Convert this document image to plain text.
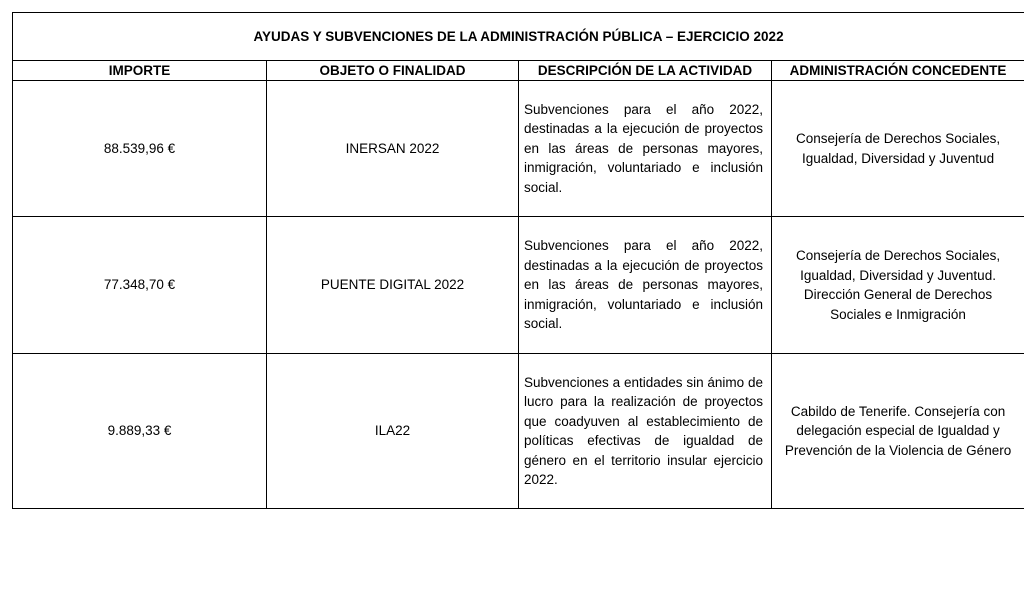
AYUDAS Y SUBVENCIONES DE LA ADMINISTRACIÓN PÚBLICA – EJERCICIO 2022			
IMPORTE	OBJETO O FINALIDAD	DESCRIPCIÓN DE LA ACTIVIDAD	ADMINISTRACIÓN CONCEDENTE
88.539,96 €	INERSAN 2022	Subvenciones para el año 2022, destinadas a la ejecución de proyectos en las áreas de personas mayores, inmigración, voluntariado e inclusión social.	Consejería de Derechos Sociales, Igualdad, Diversidad y Juventud
77.348,70 €	PUENTE DIGITAL 2022	Subvenciones para el año 2022, destinadas a la ejecución de proyectos en las áreas de personas mayores, inmigración, voluntariado e inclusión social.	Consejería de Derechos Sociales, Igualdad, Diversidad y Juventud. Dirección General de Derechos Sociales e Inmigración
9.889,33 €	ILA22	Subvenciones a entidades sin ánimo de lucro para la realización de proyectos que coadyuven al establecimiento de políticas efectivas de igualdad de género en el territorio insular ejercicio 2022.	Cabildo de Tenerife. Consejería con delegación especial de Igualdad y Prevención de la Violencia de Género
